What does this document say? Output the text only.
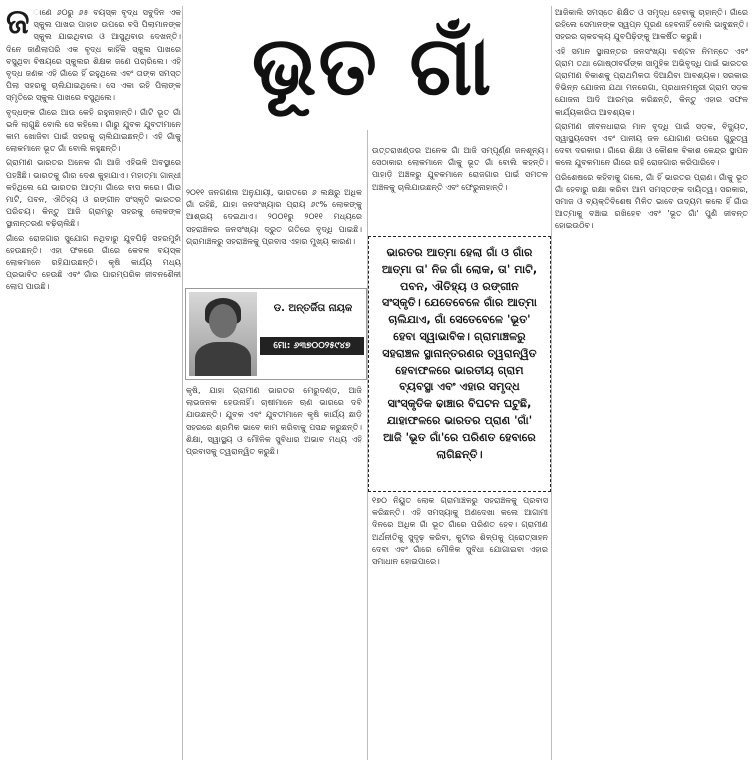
ଜ ାଣେ ୬୦ରୁ ୬୫ ବୟସ୍କ ବୃଦ୍ଧ ସବୁଦିନ ଏକ ସ୍କୁଲ ପାଖର ପାହାଚ ଉପରେ ବସି ପିଲାମାନଙ୍କ ସ୍କୁଲ ଯାଇଥିବାର ଓ ଆସୁଥିବାର ଦେଖନ୍ତି। ଦିନେ ଜାଣିଲାପରି ଏକ ବୃଦ୍ଧ କାହିଁକି ସ୍କୁଲ ପାଖରେ ବସୁଥିବା ବିଷୟରେ ସ୍କୁଲର ଶିକ୍ଷକ ଜଣେ ପଚାରିଲେ। ଏହି ବୃଦ୍ଧ ଜଣକ ଏହି ଗାଁରେ ହିଁ ରହୁଥିଲେ ଏବଂ ତାଙ୍କ ସମସ୍ତ ପିଲା ସହରକୁ ଚାଲିଯାଇଥିଲେ। ସେ ଏକା ରହି ପିଲାଙ୍କ ସ୍ମୃତିରେ ସ୍କୁଲ ପାଖରେ ବସୁଥିଲେ।

ବୃଦ୍ଧଙ୍କ ଗାଁରେ ଆଉ କେହି ରହୁନାହାନ୍ତି। ଗାଁଟି ଭୂତ ଗାଁ ଭଳି ଲାଗୁଛି ବୋଲି ସେ କହିଲେ। ଗାଁରୁ ଯୁବକ ଯୁବତୀମାନେ କାମ ଖୋଜିବା ପାଇଁ ସହରକୁ ଚାଲିଯାଇଛନ୍ତି। ଏହି ଗାଁକୁ ଲୋକମାନେ ଭୂତ ଗାଁ ବୋଲି କହୁଛନ୍ତି।

ଗ୍ରାମୀଣ ଭାରତର ଅନେକ ଗାଁ ଆଜି ଏହିଭଳି ଅବସ୍ଥାରେ ପହଞ୍ଚିଛି। ଭାରତକୁ ଗାଁର ଦେଶ କୁହାଯାଏ। ମହାତ୍ମା ଗାନ୍ଧୀ କହିଥିଲେ ଯେ ଭାରତର ଆତ୍ମା ଗାଁରେ ବାସ କରେ। ଗାଁର ମାଟି, ପବନ, ଐତିହ୍ୟ ଓ ରଙ୍ଗୀନ ସଂସ୍କୃତି ଭାରତର ପରିଚୟ। କିନ୍ତୁ ଆଜି ଗ୍ରାମରୁ ସହରକୁ ଲୋକଙ୍କ ସ୍ଥାନାନ୍ତରଣ ବଢ଼ିଚାଲିଛି।

ଗାଁରେ ରୋଜଗାର ସୁଯୋଗ ନଥିବାରୁ ଯୁବପିଢ଼ି ସହରମୁହାଁ ହେଉଛନ୍ତି। ଏହା ଫଳରେ ଗାଁରେ କେବଳ ବୟସ୍କ ଲୋକମାନେ ରହିଯାଉଛନ୍ତି। କୃଷି କାର୍ଯ୍ୟ ମଧ୍ୟ ପ୍ରଭାବିତ ହେଉଛି ଏବଂ ଗାଁର ପାରମ୍ପରିକ ଜୀବନଶୈଳୀ ଲୋପ ପାଉଛି।

ଭୂତ ଗାଁ

୨୦୧୧ ଜନଗଣନା ଅନୁଯାୟୀ, ଭାରତରେ ୬ ଲକ୍ଷରୁ ଅଧିକ ଗାଁ ରହିଛି, ଯାହା ଜନସଂଖ୍ୟାର ପ୍ରାୟ ୬୯% ଲୋକଙ୍କୁ ଆଶ୍ରୟ ଦେଇଥାଏ। ୨୦୦୧ରୁ ୨୦୧୧ ମଧ୍ୟରେ ସହରାଞ୍ଚଳର ଜନସଂଖ୍ୟା ଦ୍ରୁତ ଗତିରେ ବୃଦ୍ଧି ପାଇଛି। ଗ୍ରାମାଞ୍ଚଳରୁ ସହରାଞ୍ଚଳକୁ ପ୍ରବାସ ଏହାର ମୁଖ୍ୟ କାରଣ।

ଡ. ଅନ୍ତର୍ଜିତା ନାୟକ
ମୋ: ୬୩୭୦୦୨୫୯୪୭

କୃଷି, ଯାହା ଗ୍ରାମୀଣ ଭାରତର ମେରୁଦଣ୍ଡ, ଆଜି ଲାଭଜନକ ହେଉନାହିଁ। ଚାଷୀମାନେ ଋଣ ଭାରରେ ଦବି ଯାଉଛନ୍ତି। ଯୁବକ ଏବଂ ଯୁବତୀମାନେ କୃଷି କାର୍ଯ୍ୟ ଛାଡ଼ି ସହରରେ ଶ୍ରମିକ ଭାବେ କାମ କରିବାକୁ ପସନ୍ଦ କରୁଛନ୍ତି। ଶିକ୍ଷା, ସ୍ୱାସ୍ଥ୍ୟ ଓ ମୌଳିକ ସୁବିଧାର ଅଭାବ ମଧ୍ୟ ଏହି ପ୍ରବାସକୁ ତ୍ୱରାନ୍ୱିତ କରୁଛି।

ଉତ୍ତରାଖଣ୍ଡର ଅନେକ ଗାଁ ଆଜି ସମ୍ପୂର୍ଣ୍ଣ ଜନଶୂନ୍ୟ। ସେଠାକାର ଲୋକମାନେ ଗାଁକୁ ଭୂତ ଗାଁ ବୋଲି କହନ୍ତି। ପାହାଡ଼ି ଅଞ୍ଚଳରୁ ଯୁବକମାନେ ରୋଜଗାର ପାଇଁ ସମତଳ ଅଞ୍ଚଳକୁ ଚାଲିଯାଉଛନ୍ତି ଏବଂ ଫେରୁନାହାନ୍ତି।

ଭାରତର ଆତ୍ମା ହେଲା ଗାଁ ଓ ଗାଁର ଆତ୍ମା ତା' ନିଜ ଗାଁ ଲୋକ, ତା' ମାଟି, ପବନ, ଐତିହ୍ୟ ଓ ରଙ୍ଗୀନ ସଂସ୍କୃତି। ଯେତେବେଳେ ଗାଁର ଆତ୍ମା ଚାଲିଯାଏ, ଗାଁ ସେତେବେଳେ 'ଭୂତ' ହେବା ସ୍ୱାଭାବିକ। ଗ୍ରାମାଞ୍ଚଳରୁ ସହରାଞ୍ଚଳ ସ୍ଥାନାନ୍ତରଣର ତ୍ୱରାନ୍ୱିତ ହେବାଫଳରେ ଭାରତୀୟ ଗ୍ରାମ ବ୍ୟବସ୍ଥା ଏବଂ ଏହାର ସମୃଦ୍ଧ ସାଂସ୍କୃତିକ ଢାଞ୍ଚାର ବିଘଟନ ଘଟୁଛି, ଯାହାଫଳରେ ଭାରତର ପ୍ରାଣ 'ଗାଁ' ଆଜି 'ଭୂତ ଗାଁ'ରେ ପରିଣତ ହେବାରେ ଲାଗିଛନ୍ତି।

୧୭୦ ନିୟୁତ ଲୋକ ଗ୍ରାମାଞ୍ଚଳରୁ ସହରାଞ୍ଚଳକୁ ପ୍ରବାସ କରିଛନ୍ତି। ଏହି ସମସ୍ୟାକୁ ଅଣଦେଖା କଲେ ଆଗାମୀ ଦିନରେ ଅଧିକ ଗାଁ ଭୂତ ଗାଁରେ ପରିଣତ ହେବ। ଗ୍ରାମୀଣ ଅର୍ଥନୀତିକୁ ସୁଦୃଢ଼ କରିବା, କୁଟୀର ଶିଳ୍ପକୁ ପ୍ରୋତ୍ସାହନ ଦେବା ଏବଂ ଗାଁରେ ମୌଳିକ ସୁବିଧା ଯୋଗାଇବା ଏହାର ସମାଧାନ ହୋଇପାରେ।

ଆଜିକାଲି ସମସ୍ତେ ଶିକ୍ଷିତ ଓ ସମୃଦ୍ଧ ହେବାକୁ ଚାହାନ୍ତି। ଗାଁରେ ରହିଲେ ସେମାନଙ୍କ ସ୍ୱପ୍ନ ପୂରଣ ହେବନାହିଁ ବୋଲି ଭାବୁଛନ୍ତି। ସହରର ଚାକଚକ୍ୟ ଯୁବପିଢ଼ିଙ୍କୁ ଆକର୍ଷିତ କରୁଛି।

ଏହି ସମାନ ସ୍ଥାନାନ୍ତର ଜନସଂଖ୍ୟା ବଣ୍ଟନ ନିମନ୍ତେ ଏବଂ ଗ୍ରାମ ତଥା ଗୋଷ୍ଠୀବର୍ଗଙ୍କ ସାମୁହିକ ଅଭିବୃଦ୍ଧି ପାଇଁ ଭାରତର ଗ୍ରାମୀଣ ବିକାଶକୁ ପ୍ରାଥମିକତା ଦିଆଯିବା ଆବଶ୍ୟକ। ସରକାର ବିଭିନ୍ନ ଯୋଜନା ଯଥା ମନରେଗା, ପ୍ରଧାନମନ୍ତ୍ରୀ ଗ୍ରାମ ସଡ଼କ ଯୋଜନା ଆଦି ଆରମ୍ଭ କରିଛନ୍ତି, କିନ୍ତୁ ଏହାର ସଫଳ କାର୍ଯ୍ୟକାରିତା ଆବଶ୍ୟକ।

ଗ୍ରାମୀଣ ଜୀବନଧାରାର ମାନ ବୃଦ୍ଧି ପାଇଁ ସଡ଼କ, ବିଦ୍ୟୁତ, ସ୍ୱାସ୍ଥ୍ୟସେବା ଏବଂ ପାନୀୟ ଜଳ ଯୋଗାଣ ଉପରେ ଗୁରୁତ୍ୱ ଦେବା ଦରକାର। ଗାଁରେ ଶିକ୍ଷା ଓ କୌଶଳ ବିକାଶ କେନ୍ଦ୍ର ସ୍ଥାପନ କଲେ ଯୁବକମାନେ ଗାଁରେ ରହି ରୋଜଗାର କରିପାରିବେ।

ପରିଶେଷରେ କହିବାକୁ ଗଲେ, ଗାଁ ହିଁ ଭାରତର ପ୍ରାଣ। ଗାଁକୁ ଭୂତ ଗାଁ ହେବାରୁ ରକ୍ଷା କରିବା ଆମ ସମସ୍ତଙ୍କ ଦାୟିତ୍ୱ। ସରକାର, ସମାଜ ଓ ବ୍ୟକ୍ତିବିଶେଷ ମିଳିତ ଭାବେ ଉଦ୍ୟମ କଲେ ହିଁ ଗାଁର ଆତ୍ମାକୁ ବଞ୍ଚାଇ ରଖିହେବ ଏବଂ 'ଭୂତ ଗାଁ' ପୁଣି ଜୀବନ୍ତ ହୋଇଉଠିବ।
